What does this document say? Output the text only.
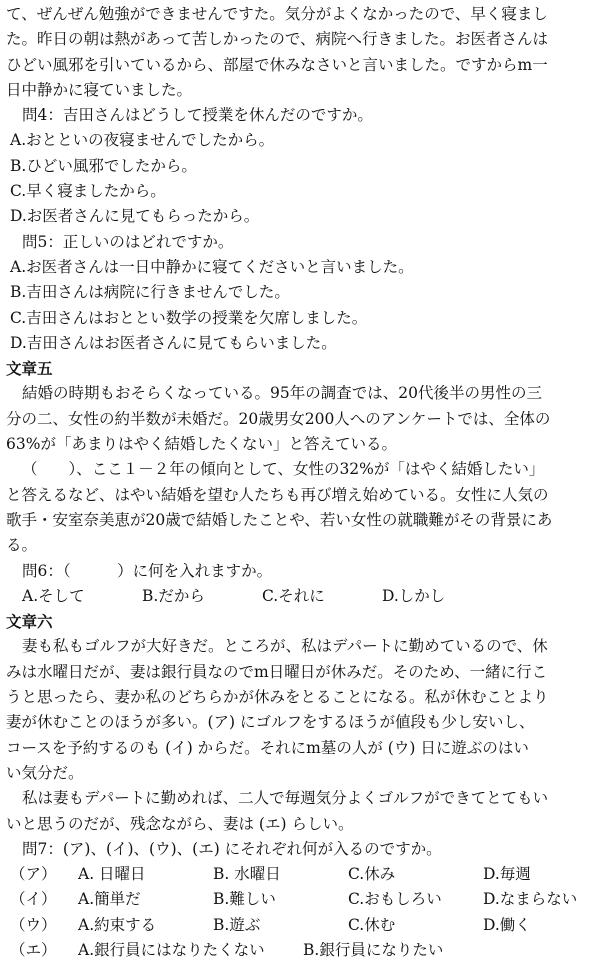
て、ぜんぜん勉強ができませんですた。気分がよくなかったので、早く寝まし
た。昨日の朝は熱があって苦しかったので、病院へ行きました。お医者さんは
ひどい風邪を引いているから、部屋で休みなさいと言いました。ですからm一
日中静かに寝ていました。
問4：吉田さんはどうして授業を休んだのですか。
A.おとといの夜寝ませんでしたから。
B.ひどい風邪でしたから。
C.早く寝ましたから。
D.お医者さんに見てもらったから。
問5：正しいのはどれですか。
A.お医者さんは一日中静かに寝てくださいと言いました。
B.吉田さんは病院に行きませんでした。
C.吉田さんはおととい数学の授業を欠席しました。
D.吉田さんはお医者さんに見てもらいました。
文章五
結婚の時期もおそらくなっている。95年の調査では、20代後半の男性の三
分の二、女性の約半数が未婚だ。20歳男女200人へのアンケートでは、全体の
63%が「あまりはやく結婚したくない」と答えている。
（　　）、ここ１－２年の傾向として、女性の32%が「はやく結婚したい」
と答えるなど、はやい結婚を望む人たちも再び増え始めている。女性に人気の
歌手・安室奈美恵が20歳で結婚したことや、若い女性の就職難がその背景にあ
る。
問6：（　　　）に何を入れますか。
A.そして	B.だから	C.それに	D.しかし
文章六
妻も私もゴルフが大好きだ。ところが、私はデパートに勤めているので、休
みは水曜日だが、妻は銀行員なのでm日曜日が休みだ。そのため、一緒に行こ
うと思ったら、妻か私のどちらかが休みをとることになる。私が休むことより
妻が休むことのほうが多い。(ア) にゴルフをするほうが値段も少し安いし、
コースを予約するのも (イ) からだ。それにm墓の人が (ウ) 日に遊ぶのはい
い気分だ。
私は妻もデパートに勤めれば、二人で毎週気分よくゴルフができてとてもい
いと思うのだが、残念ながら、妻は (エ) らしい。
問7：(ア)、(イ)、(ウ)、(エ) にそれぞれ何が入るのですか。
（ア）	A. 日曜日	B. 水曜日	C.休み	D.毎週
（イ）	A.簡単だ	B.難しい	C.おもしろい	D.なまらない
（ウ）	A.約束する	B.遊ぶ	C.休む	D.働く
（エ）	A.銀行員にはなりたくない	B.銀行員になりたい
